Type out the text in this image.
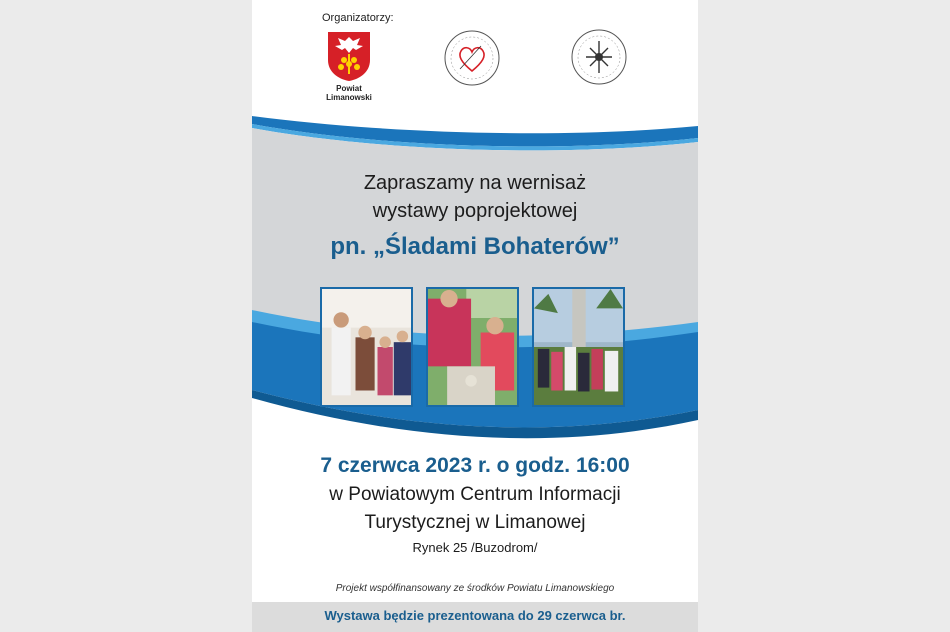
Organizatorzy:
Powiat
Limanowski
Zapraszamy na wernisaż
wystawy poprojektowej
pn. „Śladami Bohaterów”
7 czerwca 2023 r. o godz. 16:00
w Powiatowym Centrum Informacji
Turystycznej w Limanowej
Rynek 25 /Buzodrom/
Projekt współfinansowany ze środków Powiatu Limanowskiego
Wystawa będzie prezentowana do 29 czerwca br.
